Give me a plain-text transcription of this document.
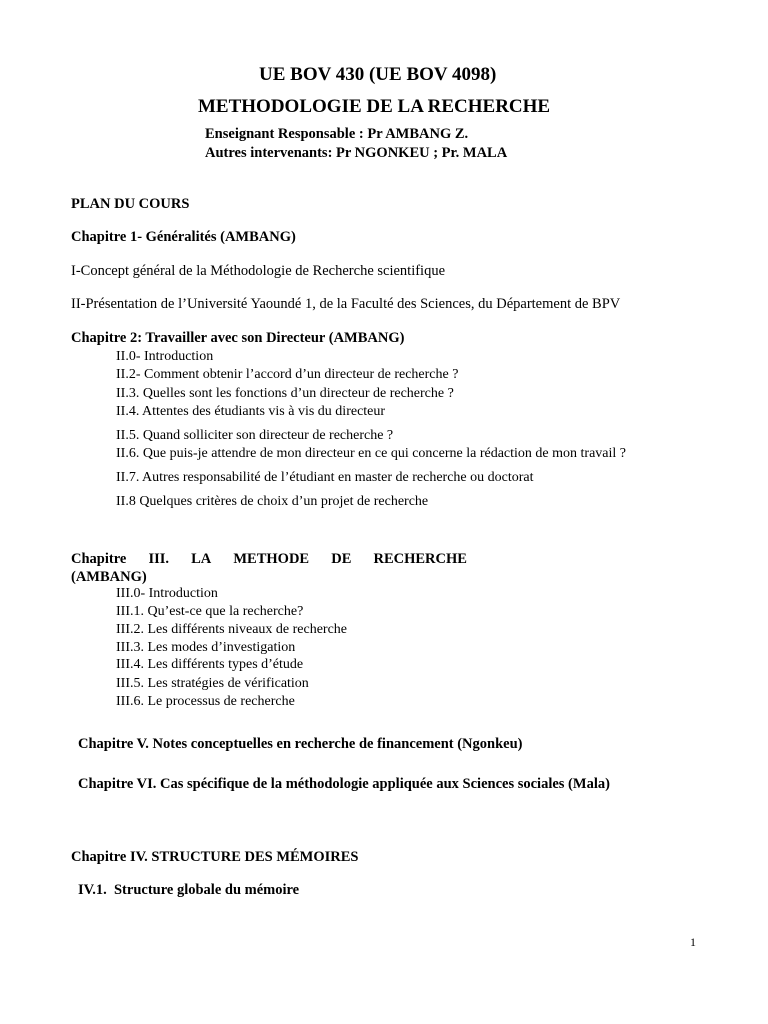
UE BOV 430 (UE BOV 4098)
METHODOLOGIE DE LA RECHERCHE
Enseignant Responsable : Pr AMBANG Z.
Autres intervenants: Pr NGONKEU ; Pr. MALA
PLAN DU COURS
Chapitre 1- Généralités (AMBANG)
I-Concept général de la Méthodologie de Recherche scientifique
II-Présentation de l’Université Yaoundé 1, de la Faculté des Sciences, du Département de BPV
Chapitre 2: Travailler avec son Directeur (AMBANG)
II.0- Introduction
II.2- Comment obtenir l’accord d’un directeur de recherche ?
II.3. Quelles sont les fonctions d’un directeur de recherche ?
II.4. Attentes des étudiants vis à vis du directeur
II.5. Quand solliciter son directeur de recherche ?
II.6. Que puis-je attendre de mon directeur en ce qui concerne la rédaction de mon travail ?
II.7. Autres responsabilité de l’étudiant en master de recherche ou doctorat
II.8 Quelques critères de choix d’un projet de recherche
Chapitre III. LA METHODE DE RECHERCHE
(AMBANG)
III.0- Introduction
III.1. Qu’est-ce que la recherche?
III.2. Les différents niveaux de recherche
III.3. Les modes d’investigation
III.4. Les différents types d’étude
III.5. Les stratégies de vérification
III.6. Le processus de recherche
Chapitre V. Notes conceptuelles en recherche de financement (Ngonkeu)
Chapitre VI. Cas spécifique de la méthodologie appliquée aux Sciences sociales (Mala)
Chapitre IV. STRUCTURE DES MÉMOIRES
IV.1.  Structure globale du mémoire
1
